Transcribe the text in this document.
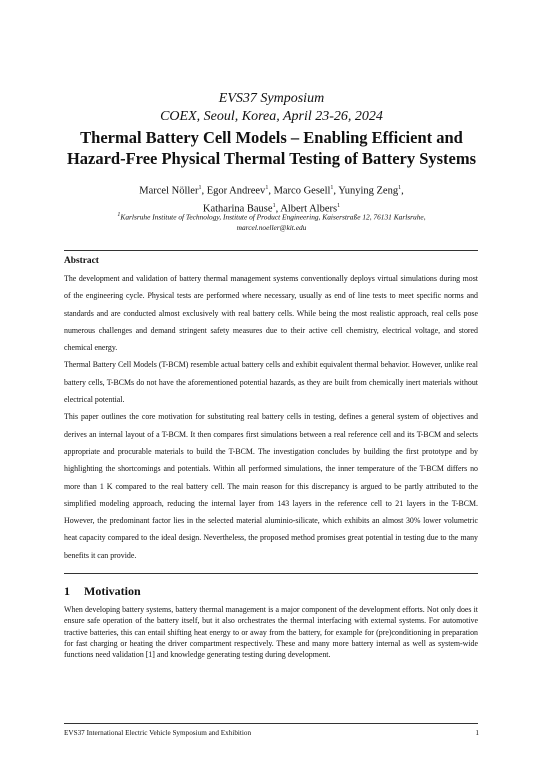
EVS37 Symposium
COEX, Seoul, Korea, April 23-26, 2024
Thermal Battery Cell Models – Enabling Efficient and
Hazard-Free Physical Thermal Testing of Battery Systems
Marcel Nöller$^1$, Egor Andreev$^1$, Marco Gesell$^1$, Yunying Zeng$^1$,
Katharina Bause$^1$, Albert Albers$^1$
$^1$Karlsruhe Institute of Technology, Institute of Product Engineering, Kaiserstraße 12, 76131 Karlsruhe,
marcel.noeller@kit.edu
Abstract

The development and validation of battery thermal management systems conventionally deploys virtual simulations during most of the engineering cycle. Physical tests are performed where necessary, usually as end of line tests to meet specific norms and standards and are conducted almost exclusively with real battery cells. While being the most realistic approach, real cells pose numerous challenges and demand stringent safety measures due to their active cell chemistry, electrical voltage, and stored chemical energy.

Thermal Battery Cell Models (T-BCM) resemble actual battery cells and exhibit equivalent thermal behavior. However, unlike real battery cells, T-BCMs do not have the aforementioned potential hazards, as they are built from chemically inert materials without electrical potential.

This paper outlines the core motivation for substituting real battery cells in testing, defines a general system of objectives and derives an internal layout of a T-BCM. It then compares first simulations between a real reference cell and its T-BCM and selects appropriate and procurable materials to build the T-BCM. The investigation concludes by building the first prototype and by highlighting the shortcomings and potentials. Within all performed simulations, the inner temperature of the T-BCM differs no more than 1 K compared to the real battery cell. The main reason for this discrepancy is argued to be partly attributed to the simplified modeling approach, reducing the internal layer from 143 layers in the reference cell to 21 layers in the T-BCM. However, the predominant factor lies in the selected material aluminio-silicate, which exhibits an almost 30% lower volumetric heat capacity compared to the ideal design. Nevertheless, the proposed method promises great potential in testing due to the many benefits it can provide.

1 Motivation

When developing battery systems, battery thermal management is a major component of the development efforts. Not only does it ensure safe operation of the battery itself, but it also orchestrates the thermal interfacing with external systems. For automotive tractive batteries, this can entail shifting heat energy to or away from the battery, for example for (pre)conditioning in preparation for fast charging or heating the driver compartment respectively. These and many more battery internal as well as system-wide functions need validation [1] and knowledge generating testing during development.

EVS37 International Electric Vehicle Symposium and Exhibition	1
